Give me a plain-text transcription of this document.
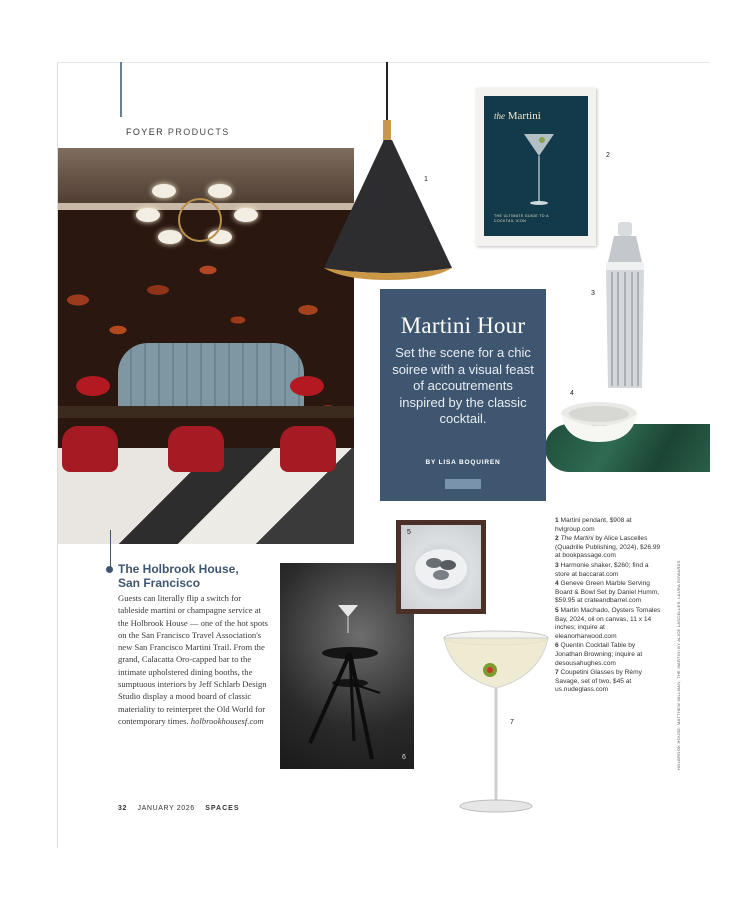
FOYER PRODUCTS
1
the Martini
THE ULTIMATE GUIDE TO A COCKTAIL ICON
2
3
4
Martini Hour

Set the scene for a chic soiree with a visual feast of accoutrements inspired by the classic cocktail.

BY LISA BOQUIREN
The Holbrook House,
San Francisco
Guests can literally flip a switch for tableside martini or champagne service at the Holbrook House — one of the hot spots on the San Francisco Travel Association's new San Francisco Martini Trail. From the grand, Calacatta Oro-capped bar to the intimate upholstered dining booths, the sumptuous interiors by Jeff Schlarb Design Studio display a mood board of classic materiality to reinterpret the Old World for contemporary times. holbrookhousesf.com
6
5
7
1 Martini pendant, $908 at hvlgroup.com
2 The Martini by Alice Lascelles (Quadrille Publishing, 2024), $26.99 at bookpassage.com
3 Harmonie shaker, $260; find a store at baccarat.com
4 Geneve Green Marble Serving Board & Bowl Set by Daniel Humm, $59.95 at crateandbarrel.com
5 Martin Machado, Oysters Tomales Bay, 2024, oil on canvas, 11 x 14 inches; inquire at eleanorharwood.com
6 Quentin Cocktail Table by Jonathan Browning; inquire at desousahughes.com
7 Coupetini Glasses by Rémy Savage, set of two, $45 at us.nudeglass.com	HOLBROOK HOUSE: MATTHEW MILLMAN; THE MARTINI BY ALICE LASCELLES: LAURA EDWARDS
32 JANUARY 2026 SPACES
